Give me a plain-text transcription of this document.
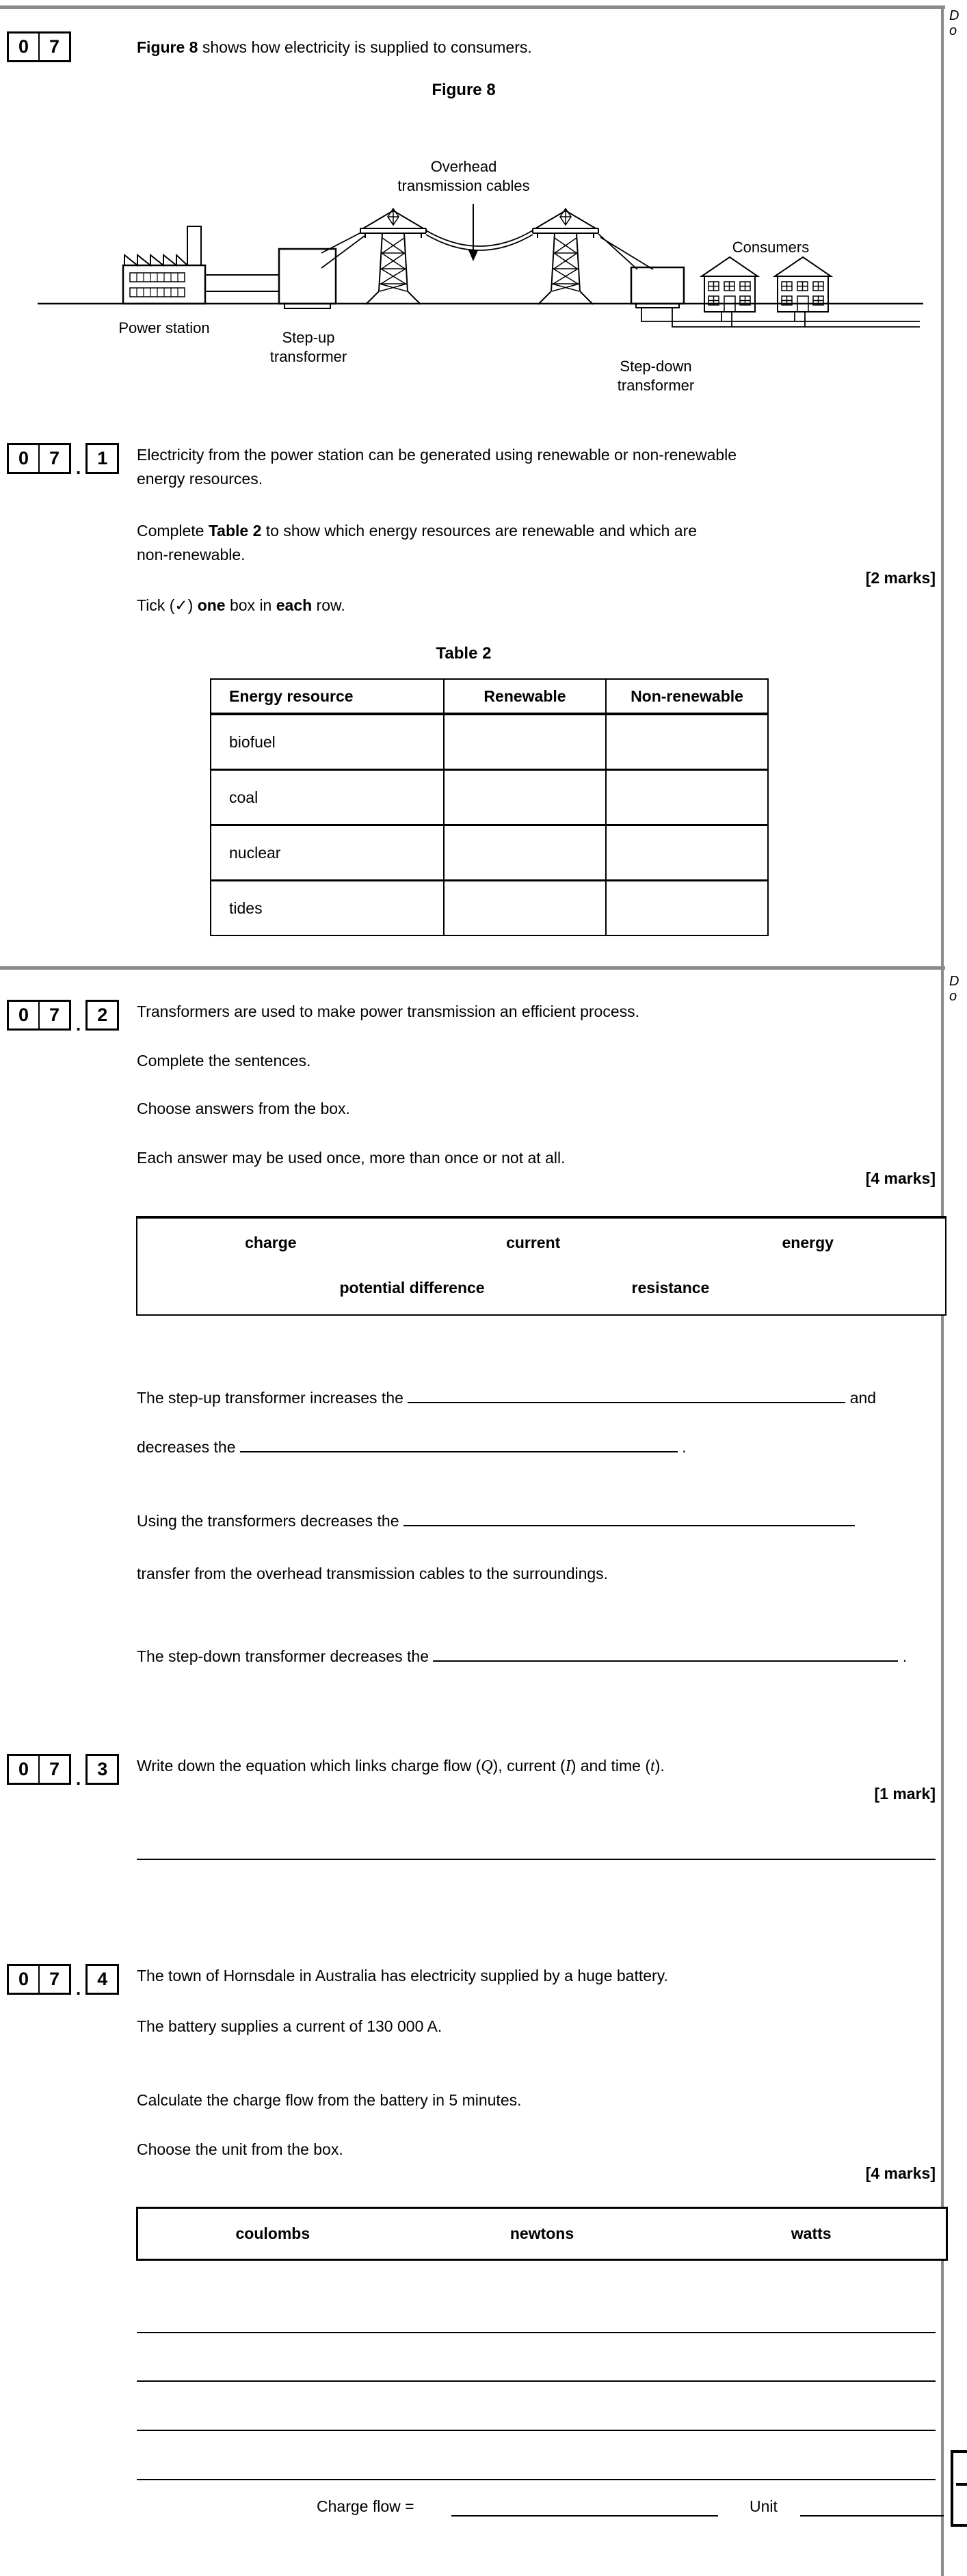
D
o
D
o
0	7	Figure 8 shows how electricity is supplied to consumers.
Figure 8
Overhead
transmission cables
Consumers
Power station
Step-up
transformer
Step-down
transformer
0	7 . 1	Electricity from the power station can be generated using renewable or non-renewable
energy resources.
Complete Table 2 to show which energy resources are renewable and which are
non-renewable.
[2 marks]
Tick (✓) one box in each row.
Table 2
Energy resource	Renewable	Non-renewable
biofuel		
coal		
nuclear		
tides		
0	7 . 2	Transformers are used to make power transmission an efficient process.
Complete the sentences.
Choose answers from the box.
Each answer may be used once, more than once or not at all.
[4 marks]
charge	current	energy
potential difference	resistance
The step-up transformer increases the	and
decreases the	.
Using the transformers decreases the
transfer from the overhead transmission cables to the surroundings.
The step-down transformer decreases the	.
0	7 . 3	Write down the equation which links charge flow (Q), current (I) and time (t).
[1 mark]
0	7 . 4	The town of Hornsdale in Australia has electricity supplied by a huge battery.
The battery supplies a current of 130 000 A.
Calculate the charge flow from the battery in 5 minutes.
Choose the unit from the box.
[4 marks]
coulombs	newtons	watts
Charge flow =	Unit
